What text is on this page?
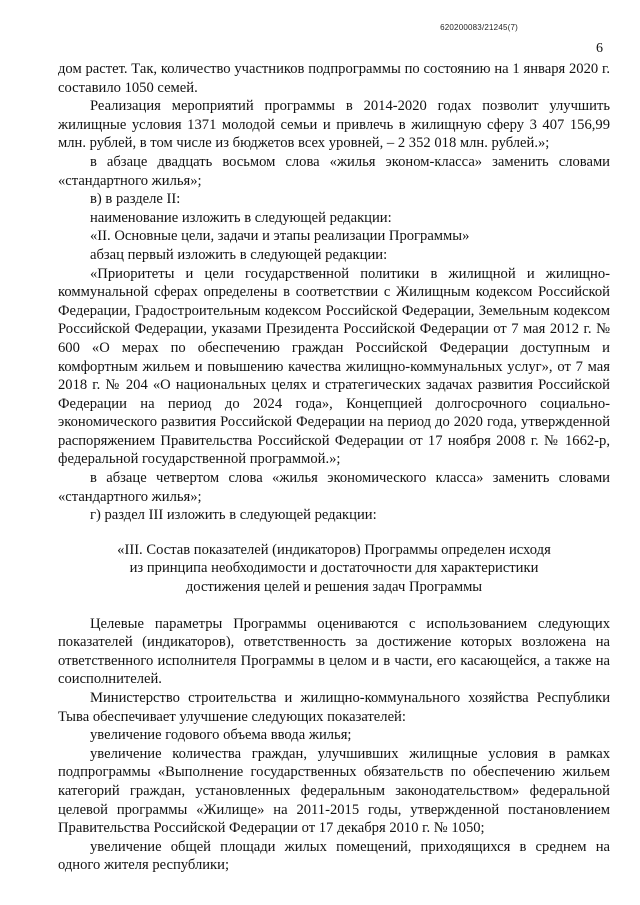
620200083/21245(7)
6

дом растет. Так, количество участников подпрограммы по состоянию на 1 января 2020 г. составило 1050 семей.

Реализация мероприятий программы в 2014-2020 годах позволит улучшить жилищные условия 1371 молодой семьи и привлечь в жилищную сферу 3 407 156,99 млн. рублей, в том числе из бюджетов всех уровней, – 2 352 018 млн. рублей.»;

в абзаце двадцать восьмом слова «жилья эконом-класса» заменить словами «стандартного жилья»;

в) в разделе II:

наименование изложить в следующей редакции:

«II. Основные цели, задачи и этапы реализации Программы»

абзац первый изложить в следующей редакции:

«Приоритеты и цели государственной политики в жилищной и жилищно-коммунальной сферах определены в соответствии с Жилищным кодексом Российской Федерации, Градостроительным кодексом Российской Федерации, Земельным кодексом Российской Федерации, указами Президента Российской Федерации от 7 мая 2012 г. № 600 «О мерах по обеспечению граждан Российской Федерации доступным и комфортным жильем и повышению качества жилищно-коммунальных услуг», от 7 мая 2018 г. № 204 «О национальных целях и стратегических задачах развития Российской Федерации на период до 2024 года», Концепцией долгосрочного социально-экономического развития Российской Федерации на период до 2020 года, утвержденной распоряжением Правительства Российской Федерации от 17 ноября 2008 г. № 1662-р, федеральной государственной программой.»;

в абзаце четвертом слова «жилья экономического класса» заменить словами «стандартного жилья»;

г) раздел III изложить в следующей редакции:

«III. Состав показателей (индикаторов) Программы определен исходя из принципа необходимости и достаточности для характеристики достижения целей и решения задач Программы

Целевые параметры Программы оцениваются с использованием следующих показателей (индикаторов), ответственность за достижение которых возложена на ответственного исполнителя Программы в целом и в части, его касающейся, а также на соисполнителей.

Министерство строительства и жилищно-коммунального хозяйства Республики Тыва обеспечивает улучшение следующих показателей:

увеличение годового объема ввода жилья;

увеличение количества граждан, улучшивших жилищные условия в рамках подпрограммы «Выполнение государственных обязательств по обеспечению жильем категорий граждан, установленных федеральным законодательством» федеральной целевой программы «Жилище» на 2011-2015 годы, утвержденной постановлением Правительства Российской Федерации от 17 декабря 2010 г. № 1050;

увеличение общей площади жилых помещений, приходящихся в среднем на одного жителя республики;
